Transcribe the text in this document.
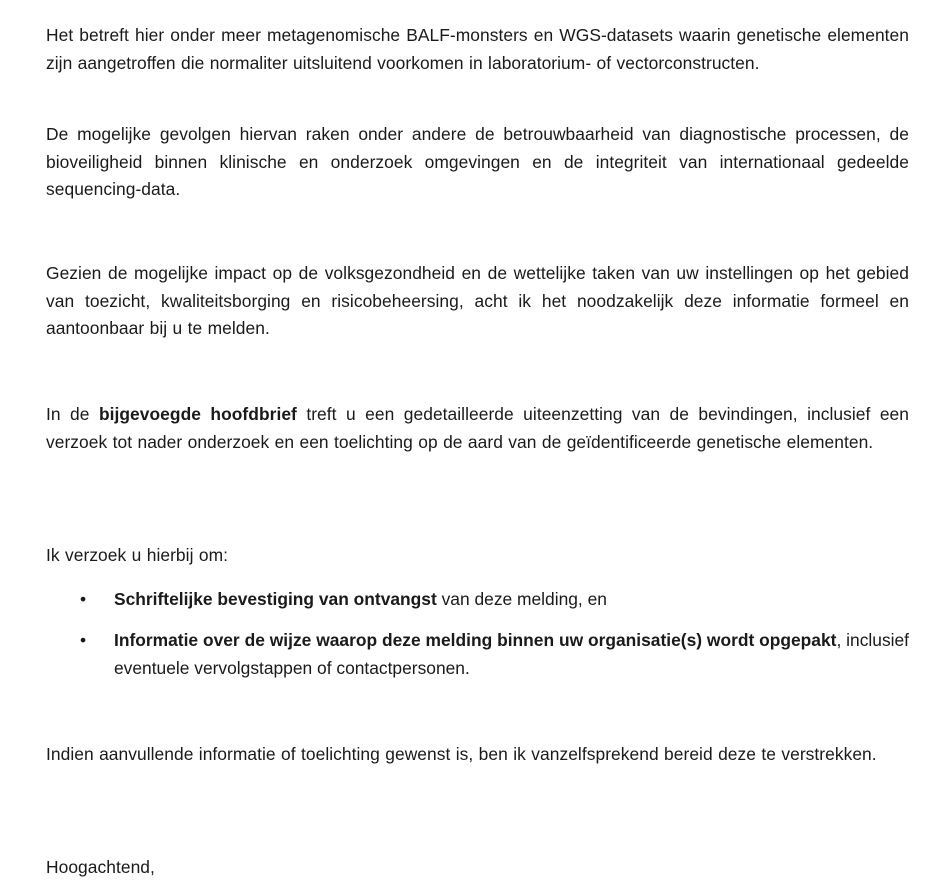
Het betreft hier onder meer metagenomische BALF-monsters en WGS-datasets waarin genetische elementen zijn aangetroffen die normaliter uitsluitend voorkomen in laboratorium- of vectorconstructen.

De mogelijke gevolgen hiervan raken onder andere de betrouwbaarheid van diagnostische processen, de bioveiligheid binnen klinische en onderzoek omgevingen en de integriteit van internationaal gedeelde sequencing-data.

Gezien de mogelijke impact op de volksgezondheid en de wettelijke taken van uw instellingen op het gebied van toezicht, kwaliteitsborging en risicobeheersing, acht ik het noodzakelijk deze informatie formeel en aantoonbaar bij u te melden.

In de bijgevoegde hoofdbrief treft u een gedetailleerde uiteenzetting van de bevindingen, inclusief een verzoek tot nader onderzoek en een toelichting op de aard van de geïdentificeerde genetische elementen.

Ik verzoek u hierbij om:

•	Schriftelijke bevestiging van ontvangst van deze melding, en

•	Informatie over de wijze waarop deze melding binnen uw organisatie(s) wordt opgepakt, inclusief eventuele vervolgstappen of contactpersonen.

Indien aanvullende informatie of toelichting gewenst is, ben ik vanzelfsprekend bereid deze te verstrekken.

Hoogachtend,
